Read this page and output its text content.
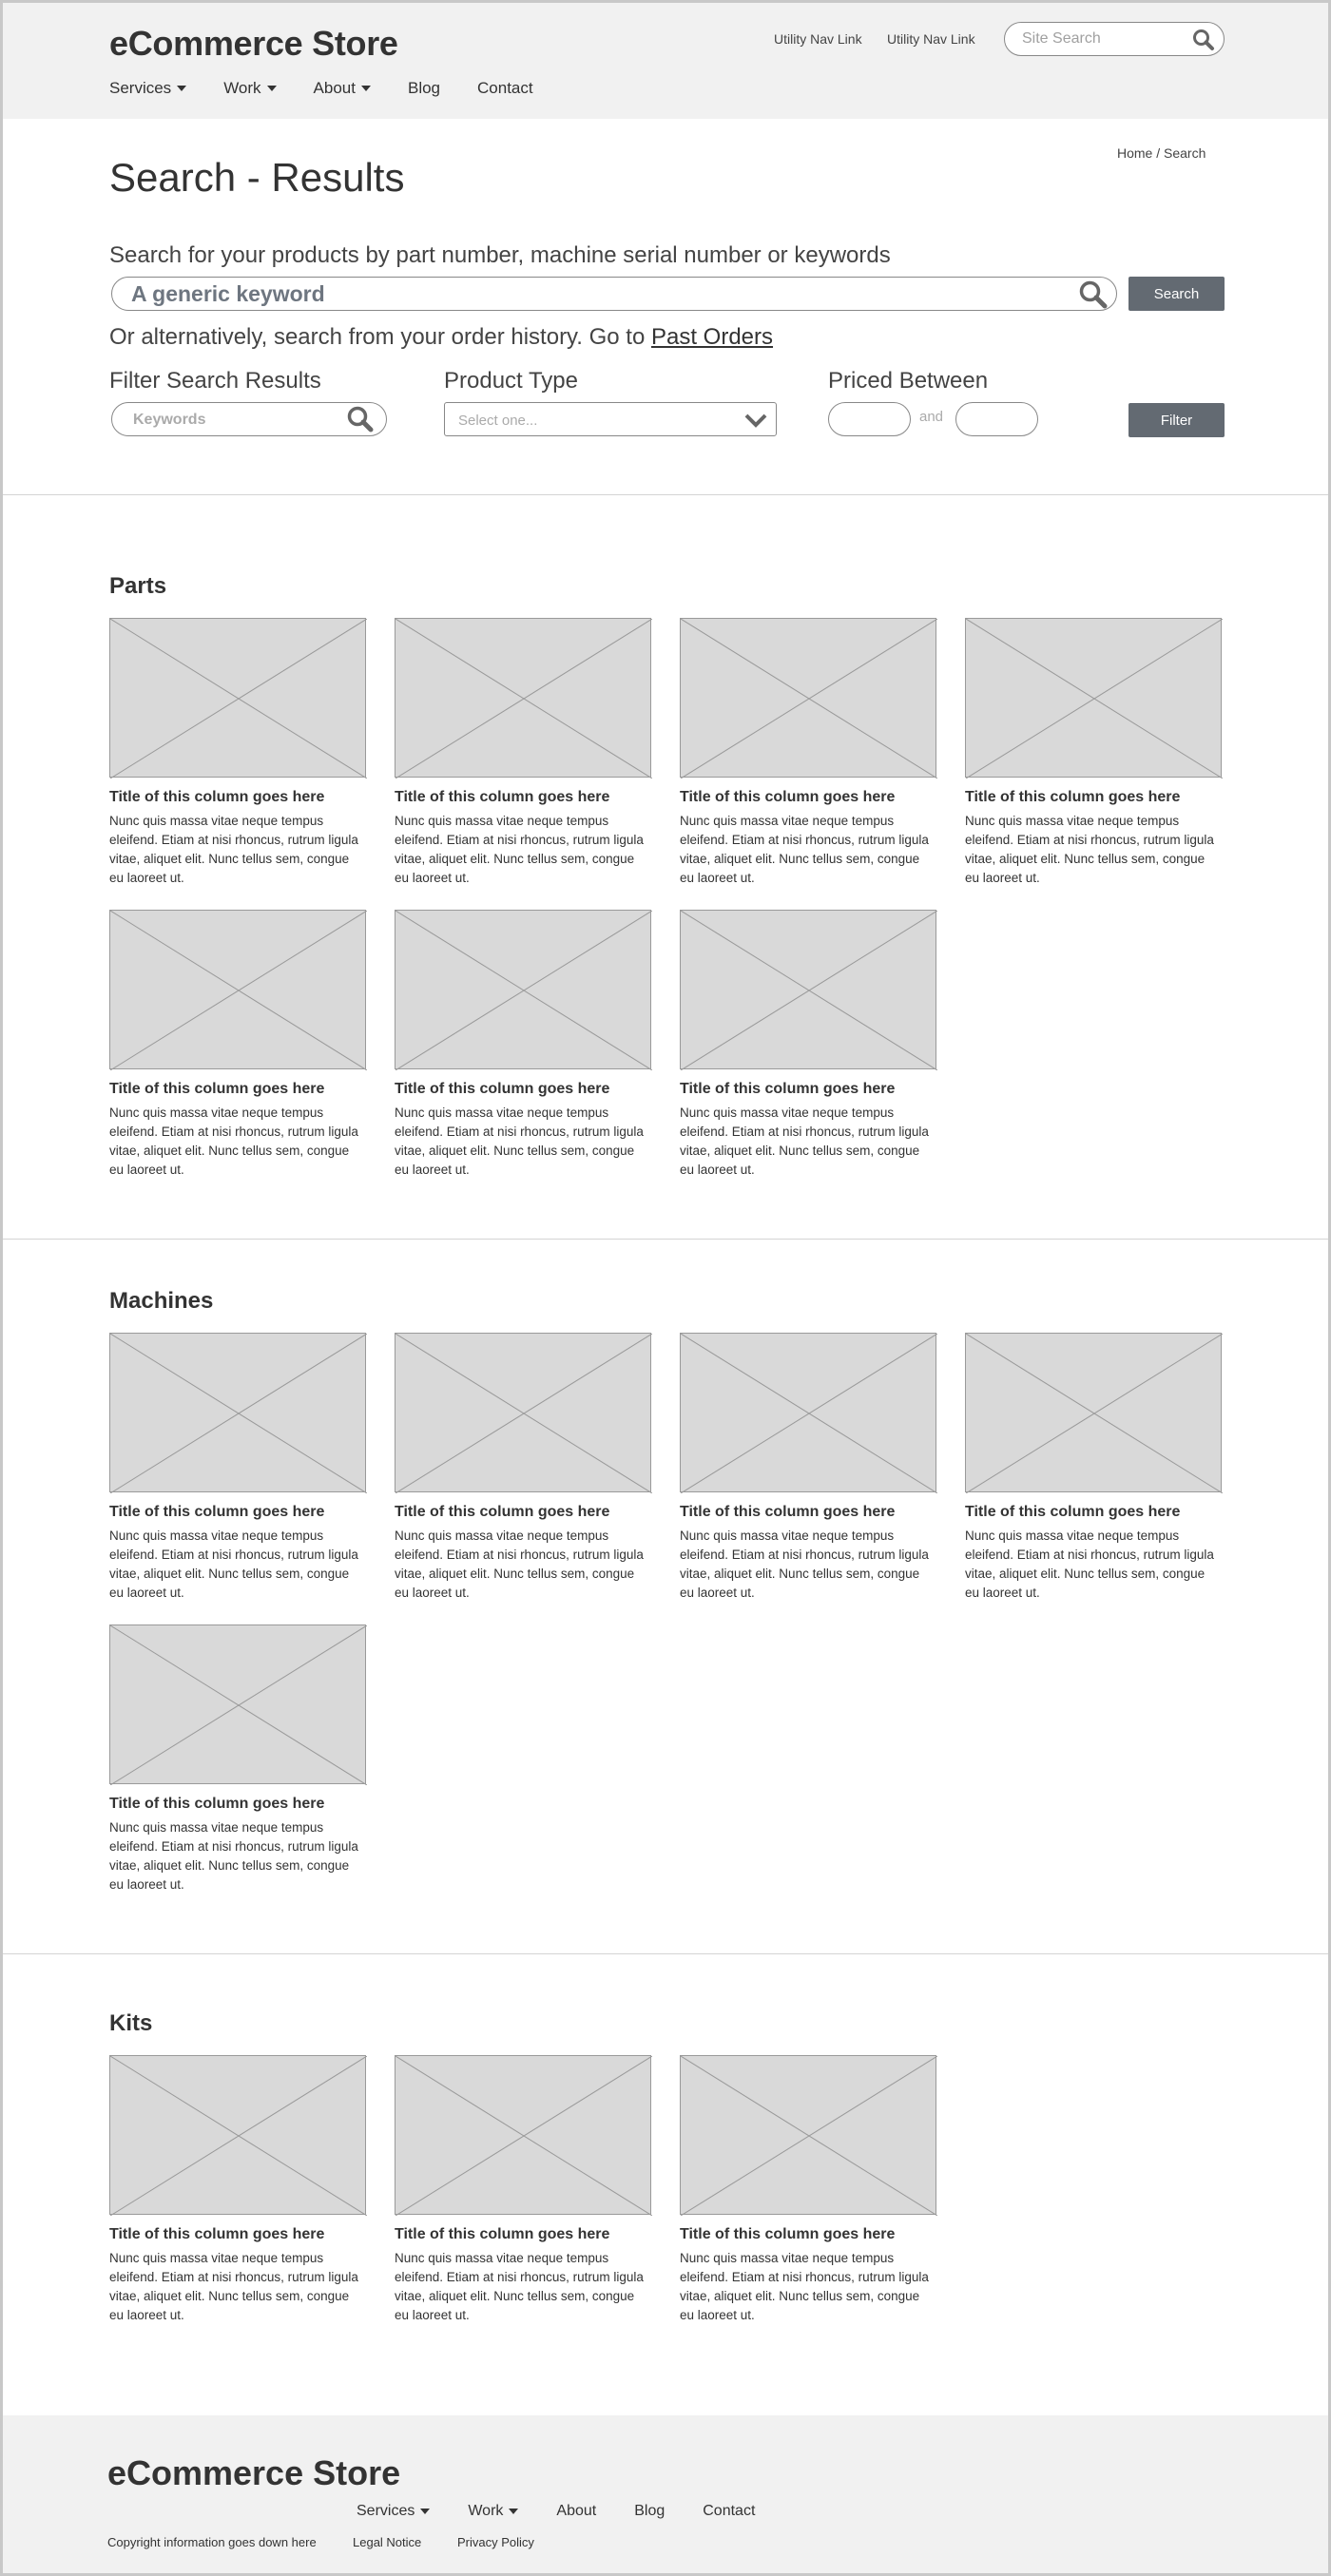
eCommerce Store	Utility Nav Link Utility Nav Link
Site Search
Services	Work	About	Blog Contact
Home / Search
Search - Results
Search for your products by part number, machine serial number or keywords
A generic keyword
Search
Or alternatively, search from your order history. Go to Past Orders
Filter Search Results	Product Type	Priced Between
Keywords
Select one...	and	Filter
Parts
Title of this column goes here
Nunc quis massa vitae neque tempus eleifend. Etiam at nisi rhoncus, rutrum ligula vitae, aliquet elit. Nunc tellus sem, congue eu laoreet ut.
Title of this column goes here
Nunc quis massa vitae neque tempus eleifend. Etiam at nisi rhoncus, rutrum ligula vitae, aliquet elit. Nunc tellus sem, congue eu laoreet ut.
Title of this column goes here
Nunc quis massa vitae neque tempus eleifend. Etiam at nisi rhoncus, rutrum ligula vitae, aliquet elit. Nunc tellus sem, congue eu laoreet ut.
Title of this column goes here
Nunc quis massa vitae neque tempus eleifend. Etiam at nisi rhoncus, rutrum ligula vitae, aliquet elit. Nunc tellus sem, congue eu laoreet ut.
Title of this column goes here
Nunc quis massa vitae neque tempus eleifend. Etiam at nisi rhoncus, rutrum ligula vitae, aliquet elit. Nunc tellus sem, congue eu laoreet ut.
Title of this column goes here
Nunc quis massa vitae neque tempus eleifend. Etiam at nisi rhoncus, rutrum ligula vitae, aliquet elit. Nunc tellus sem, congue eu laoreet ut.
Title of this column goes here
Nunc quis massa vitae neque tempus eleifend. Etiam at nisi rhoncus, rutrum ligula vitae, aliquet elit. Nunc tellus sem, congue eu laoreet ut.
Machines
Title of this column goes here
Nunc quis massa vitae neque tempus eleifend. Etiam at nisi rhoncus, rutrum ligula vitae, aliquet elit. Nunc tellus sem, congue eu laoreet ut.
Title of this column goes here
Nunc quis massa vitae neque tempus eleifend. Etiam at nisi rhoncus, rutrum ligula vitae, aliquet elit. Nunc tellus sem, congue eu laoreet ut.
Title of this column goes here
Nunc quis massa vitae neque tempus eleifend. Etiam at nisi rhoncus, rutrum ligula vitae, aliquet elit. Nunc tellus sem, congue eu laoreet ut.
Title of this column goes here
Nunc quis massa vitae neque tempus eleifend. Etiam at nisi rhoncus, rutrum ligula vitae, aliquet elit. Nunc tellus sem, congue eu laoreet ut.
Title of this column goes here
Nunc quis massa vitae neque tempus eleifend. Etiam at nisi rhoncus, rutrum ligula vitae, aliquet elit. Nunc tellus sem, congue eu laoreet ut.
Kits
Title of this column goes here
Nunc quis massa vitae neque tempus eleifend. Etiam at nisi rhoncus, rutrum ligula vitae, aliquet elit. Nunc tellus sem, congue eu laoreet ut.
Title of this column goes here
Nunc quis massa vitae neque tempus eleifend. Etiam at nisi rhoncus, rutrum ligula vitae, aliquet elit. Nunc tellus sem, congue eu laoreet ut.
Title of this column goes here
Nunc quis massa vitae neque tempus eleifend. Etiam at nisi rhoncus, rutrum ligula vitae, aliquet elit. Nunc tellus sem, congue eu laoreet ut.
eCommerce Store
Services	Work	About	Blog	Contact
Copyright information goes down here	Legal Notice	Privacy Policy
